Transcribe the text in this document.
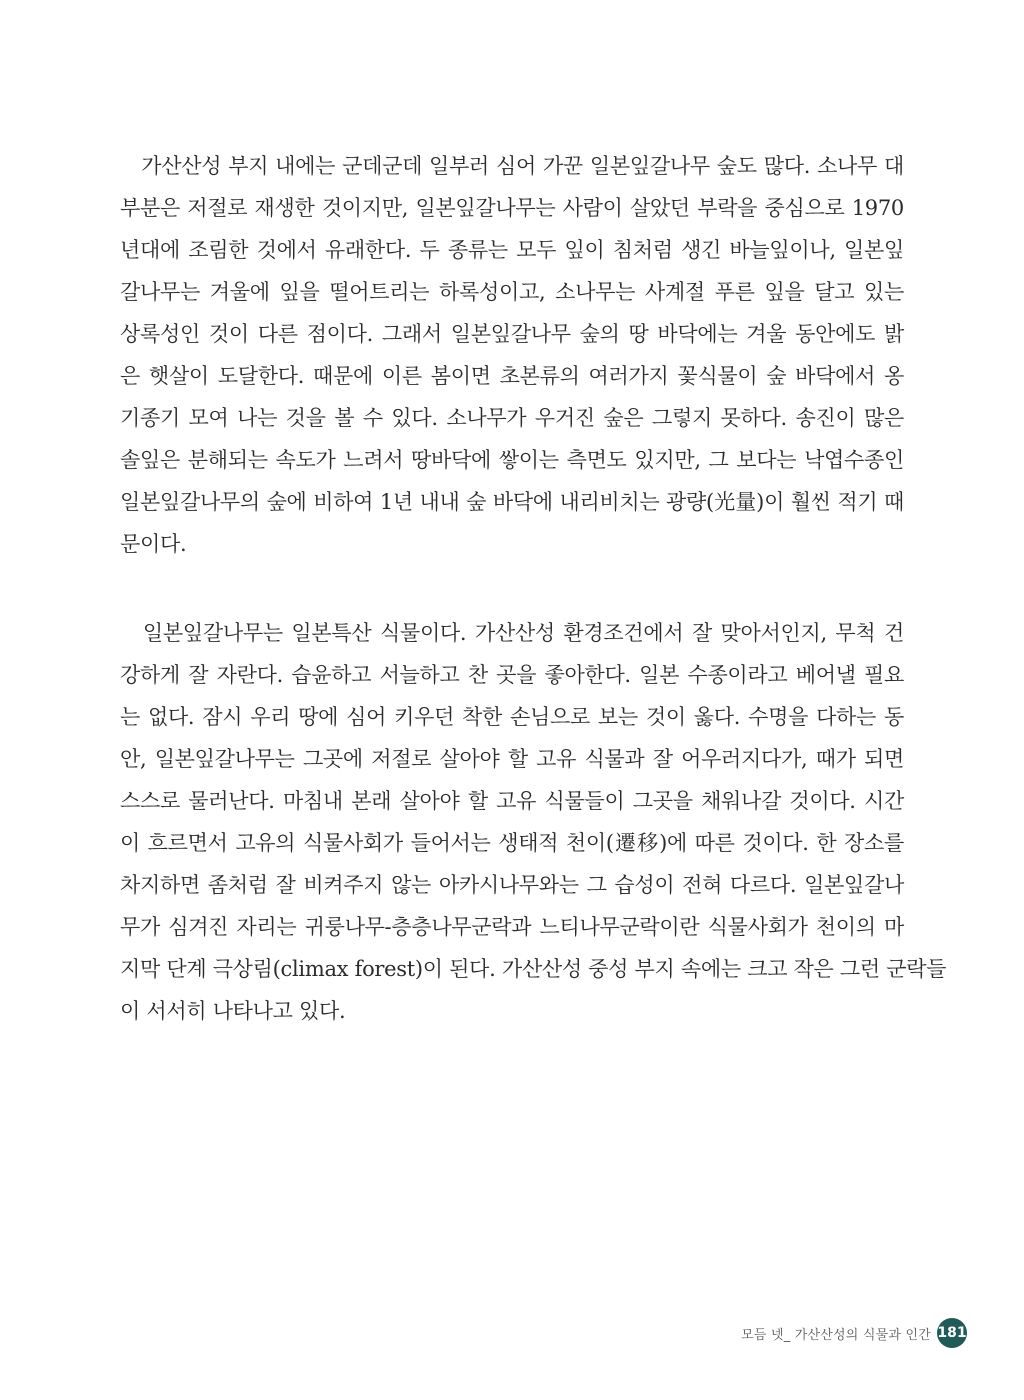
　가산산성 부지 내에는 군데군데 일부러 심어 가꾼 일본잎갈나무 숲도 많다. 소나무 대
부분은 저절로 재생한 것이지만, 일본잎갈나무는 사람이 살았던 부락을 중심으로 1970
년대에 조림한 것에서 유래한다. 두 종류는 모두 잎이 침처럼 생긴 바늘잎이나, 일본잎
갈나무는 겨울에 잎을 떨어트리는 하록성이고, 소나무는 사계절 푸른 잎을 달고 있는
상록성인 것이 다른 점이다. 그래서 일본잎갈나무 숲의 땅 바닥에는 겨울 동안에도 밝
은 햇살이 도달한다. 때문에 이른 봄이면 초본류의 여러가지 꽃식물이 숲 바닥에서 옹
기종기 모여 나는 것을 볼 수 있다. 소나무가 우거진 숲은 그렇지 못하다. 송진이 많은
솔잎은 분해되는 속도가 느려서 땅바닥에 쌓이는 측면도 있지만, 그 보다는 낙엽수종인
일본잎갈나무의 숲에 비하여 1년 내내 숲 바닥에 내리비치는 광량(光量)이 훨씬 적기 때
문이다.
　일본잎갈나무는 일본특산 식물이다. 가산산성 환경조건에서 잘 맞아서인지, 무척 건
강하게 잘 자란다. 습윤하고 서늘하고 찬 곳을 좋아한다. 일본 수종이라고 베어낼 필요
는 없다. 잠시 우리 땅에 심어 키우던 착한 손님으로 보는 것이 옳다. 수명을 다하는 동
안, 일본잎갈나무는 그곳에 저절로 살아야 할 고유 식물과 잘 어우러지다가, 때가 되면
스스로 물러난다. 마침내 본래 살아야 할 고유 식물들이 그곳을 채워나갈 것이다. 시간
이 흐르면서 고유의 식물사회가 들어서는 생태적 천이(遷移)에 따른 것이다. 한 장소를
차지하면 좀처럼 잘 비켜주지 않는 아카시나무와는 그 습성이 전혀 다르다. 일본잎갈나
무가 심겨진 자리는 귀룽나무-층층나무군락과 느티나무군락이란 식물사회가 천이의 마
지막 단계 극상림(climax forest)이 된다. 가산산성 중성 부지 속에는 크고 작은 그런 군락들
이 서서히 나타나고 있다.
모듬 넷_ 가산산성의 식물과 인간 181
